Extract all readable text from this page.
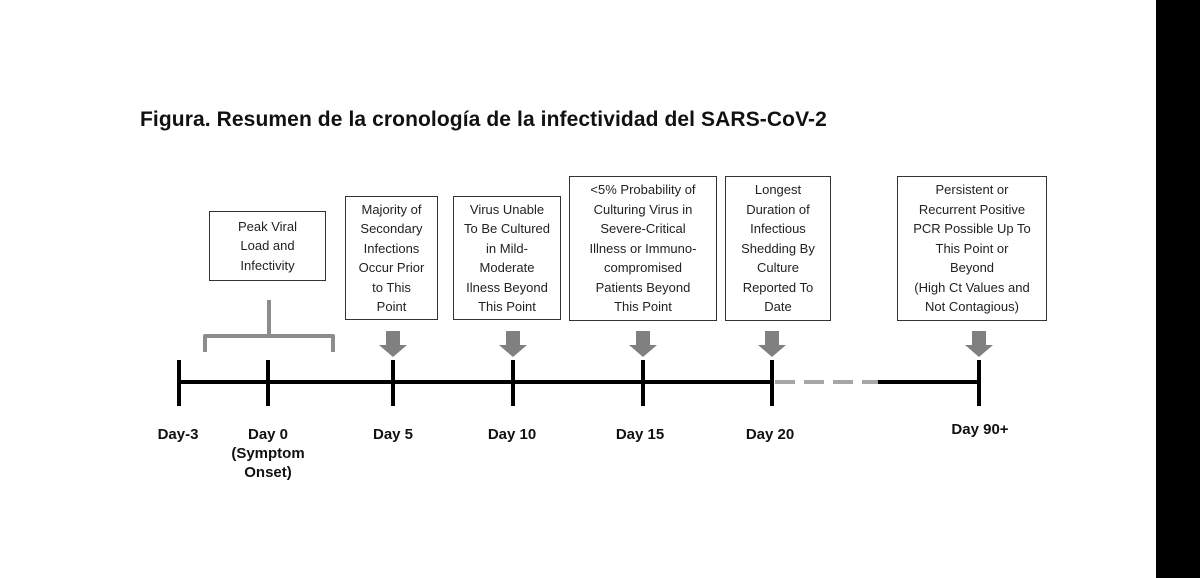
Figura. Resumen de la cronología de la infectividad del SARS-CoV-2
Peak Viral
Load and
Infectivity
Majority of
Secondary
Infections
Occur Prior
to This
Point
Virus Unable
To Be Cultured
in Mild-
Moderate
Ilness Beyond
This Point
<5% Probability of
Culturing Virus in
Severe-Critical
Illness or Immuno-
compromised
Patients Beyond
This Point
Longest
Duration of
Infectious
Shedding By
Culture
Reported To
Date
Persistent or
Recurrent Positive
PCR Possible Up To
This Point or
Beyond
(High Ct Values and
Not Contagious)
Day-3	Day 0
(Symptom
Onset)
Day 5	Day 10	Day 15	Day 20	Day 90+
